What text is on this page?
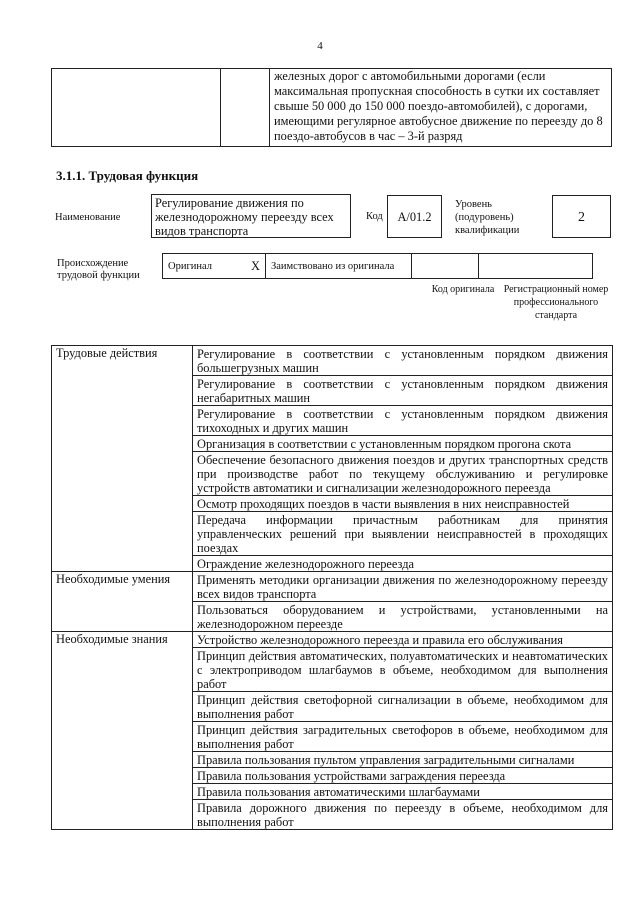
4
		железных дорог с автомобильными дорогами (если максимальная пропускная способность в сутки их составляет свыше 50 000 до 150 000 поездо-автомобилей), с дорогами, имеющими регулярное автобусное движение по переезду до 8 поездо-автобусов в час – 3-й разряд
3.1.1. Трудовая функция
Наименование
Регулирование движения по железнодорожному переезду всех видов транспорта
Код	А/01.2
Уровень (подуровень) квалификации
2
Происхождение трудовой функции
Оригинал	X	Заимствовано из оригинала		
Код оригинала Регистрационный номер профессионального стандарта
Трудовые действия	Регулирование в соответствии с установленным порядком движения большегрузных машин
	Регулирование в соответствии с установленным порядком движения негабаритных машин
	Регулирование в соответствии с установленным порядком движения тихоходных и других машин
	Организация в соответствии с установленным порядком прогона скота
	Обеспечение безопасного движения поездов и других транспортных средств при производстве работ по текущему обслуживанию и регулировке устройств автоматики и сигнализации железнодорожного переезда
	Осмотр проходящих поездов в части выявления в них неисправностей
	Передача информации причастным работникам для принятия управленческих решений при выявлении неисправностей в проходящих поездах
	Ограждение железнодорожного переезда
Необходимые умения	Применять методики организации движения по железнодорожному переезду всех видов транспорта
	Пользоваться оборудованием и устройствами, установленными на железнодорожном переезде
Необходимые знания	Устройство железнодорожного переезда и правила его обслуживания
	Принцип действия автоматических, полуавтоматических и неавтоматических с электроприводом шлагбаумов в объеме, необходимом для выполнения работ
	Принцип действия светофорной сигнализации в объеме, необходимом для выполнения работ
	Принцип действия заградительных светофоров в объеме, необходимом для выполнения работ
	Правила пользования пультом управления заградительными сигналами
	Правила пользования устройствами заграждения переезда
	Правила пользования автоматическими шлагбаумами
	Правила дорожного движения по переезду в объеме, необходимом для выполнения работ
